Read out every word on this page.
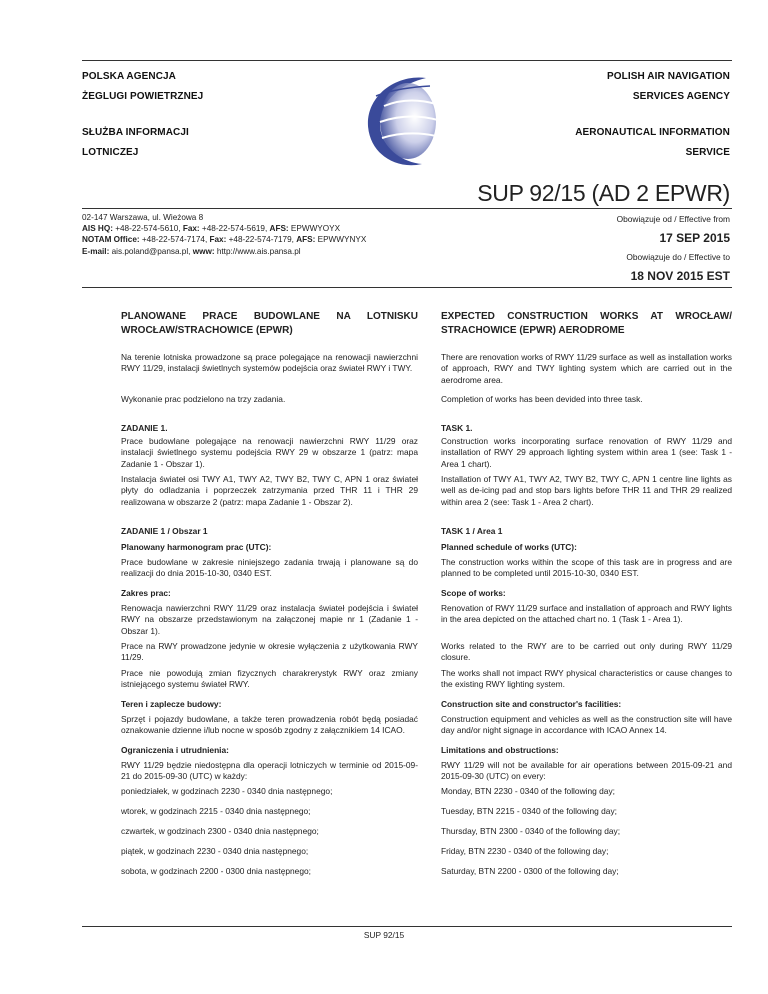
POLSKA AGENCJA
ŻEGLUGI POWIETRZNEJ
SŁUŻBA INFORMACJI
LOTNICZEJ
POLISH AIR NAVIGATION
SERVICES AGENCY
AERONAUTICAL INFORMATION
SERVICE
SUP 92/15 (AD 2 EPWR)
02-147 Warszawa, ul. Wieżowa 8
AIS HQ: +48-22-574-5610, Fax: +48-22-574-5619, AFS: EPWWYOYX
NOTAM Office: +48-22-574-7174, Fax: +48-22-574-7179, AFS: EPWWYNYX
E-mail: ais.poland@pansa.pl, www: http://www.ais.pansa.pl
Obowiązuje od / Effective from
17 SEP 2015
Obowiązuje do / Effective to
18 NOV 2015 EST
PLANOWANE PRACE BUDOWLANE NA LOTNISKU WROCŁAW/STRACHOWICE (EPWR)
Na terenie lotniska prowadzone są prace polegające na renowacji nawierzchni RWY 11/29, instalacji świetlnych systemów podejścia oraz świateł RWY i TWY.
Wykonanie prac podzielono na trzy zadania.
ZADANIE 1.
Prace budowlane polegające na renowacji nawierzchni RWY 11/29 oraz instalacji świetlnego systemu podejścia RWY 29 w obszarze 1 (patrz: mapa Zadanie 1 - Obszar 1).
Instalacja świateł osi TWY A1, TWY A2, TWY B2, TWY C, APN 1 oraz świateł płyty do odladzania i poprzeczek zatrzymania przed THR 11 i THR 29 realizowana w obszarze 2 (patrz: mapa Zadanie 1 - Obszar 2).
ZADANIE 1 / Obszar 1
Planowany harmonogram prac (UTC):
Prace budowlane w zakresie niniejszego zadania trwają i planowane są do realizacji do dnia 2015-10-30, 0340 EST.
Zakres prac:
Renowacja nawierzchni RWY 11/29 oraz instalacja świateł podejścia i świateł RWY na obszarze przedstawionym na załączonej mapie nr 1 (Zadanie 1 - Obszar 1).
Prace na RWY prowadzone jedynie w okresie wyłączenia z użytkowania RWY 11/29.
Prace nie powodują zmian fizycznych charakrerystyk RWY oraz zmiany istniejącego systemu świateł RWY.
Teren i zaplecze budowy:
Sprzęt i pojazdy budowlane, a także teren prowadzenia robót będą posiadać oznakowanie dzienne i/lub nocne w sposób zgodny z załącznikiem 14 ICAO.
Ograniczenia i utrudnienia:
RWY 11/29 będzie niedostępna dla operacji lotniczych w terminie od 2015-09-21 do 2015-09-30 (UTC) w każdy:
poniedziałek, w godzinach 2230 - 0340 dnia następnego;
wtorek, w godzinach 2215 - 0340 dnia następnego;
czwartek, w godzinach 2300 - 0340 dnia następnego;
piątek, w godzinach 2230 - 0340 dnia następnego;
sobota, w godzinach 2200 - 0300 dnia następnego;
EXPECTED CONSTRUCTION WORKS AT WROCŁAW/ STRACHOWICE (EPWR) AERODROME
There are renovation works of RWY 11/29 surface as well as installation works of approach, RWY and TWY lighting system which are carried out in the aerodrome area.
Completion of works has been devided into three task.
TASK 1.
Construction works incorporating surface renovation of RWY 11/29 and installation of RWY 29 approach lighting system within area 1 (see: Task 1 - Area 1 chart).
Installation of TWY A1, TWY A2, TWY B2, TWY C, APN 1 centre line lights as well as de-icing pad and stop bars lights before THR 11 and THR 29 realized within area 2 (see: Task 1 - Area 2 chart).
TASK 1 / Area 1
Planned schedule of works (UTC):
The construction works within the scope of this task are in progress and are planned to be completed until 2015-10-30, 0340 EST.
Scope of works:
Renovation of RWY 11/29 surface and installation of approach and RWY lights in the area depicted on the attached chart no. 1 (Task 1 - Area 1).
Works related to the RWY are to be carried out only during RWY 11/29 closure.
The works shall not impact RWY physical characteristics or cause changes to the existing RWY lighting system.
Construction site and constructor's facilities:
Construction equipment and vehicles as well as the construction site will have day and/or night signage in accordance with ICAO Annex 14.
Limitations and obstructions:
RWY 11/29 will not be available for air operations between 2015-09-21 and 2015-09-30 (UTC) on every:
Monday, BTN 2230 - 0340 of the following day;
Tuesday, BTN 2215 - 0340 of the following day;
Thursday, BTN 2300 - 0340 of the following day;
Friday, BTN 2230 - 0340 of the following day;
Saturday, BTN 2200 - 0300 of the following day;
SUP 92/15
